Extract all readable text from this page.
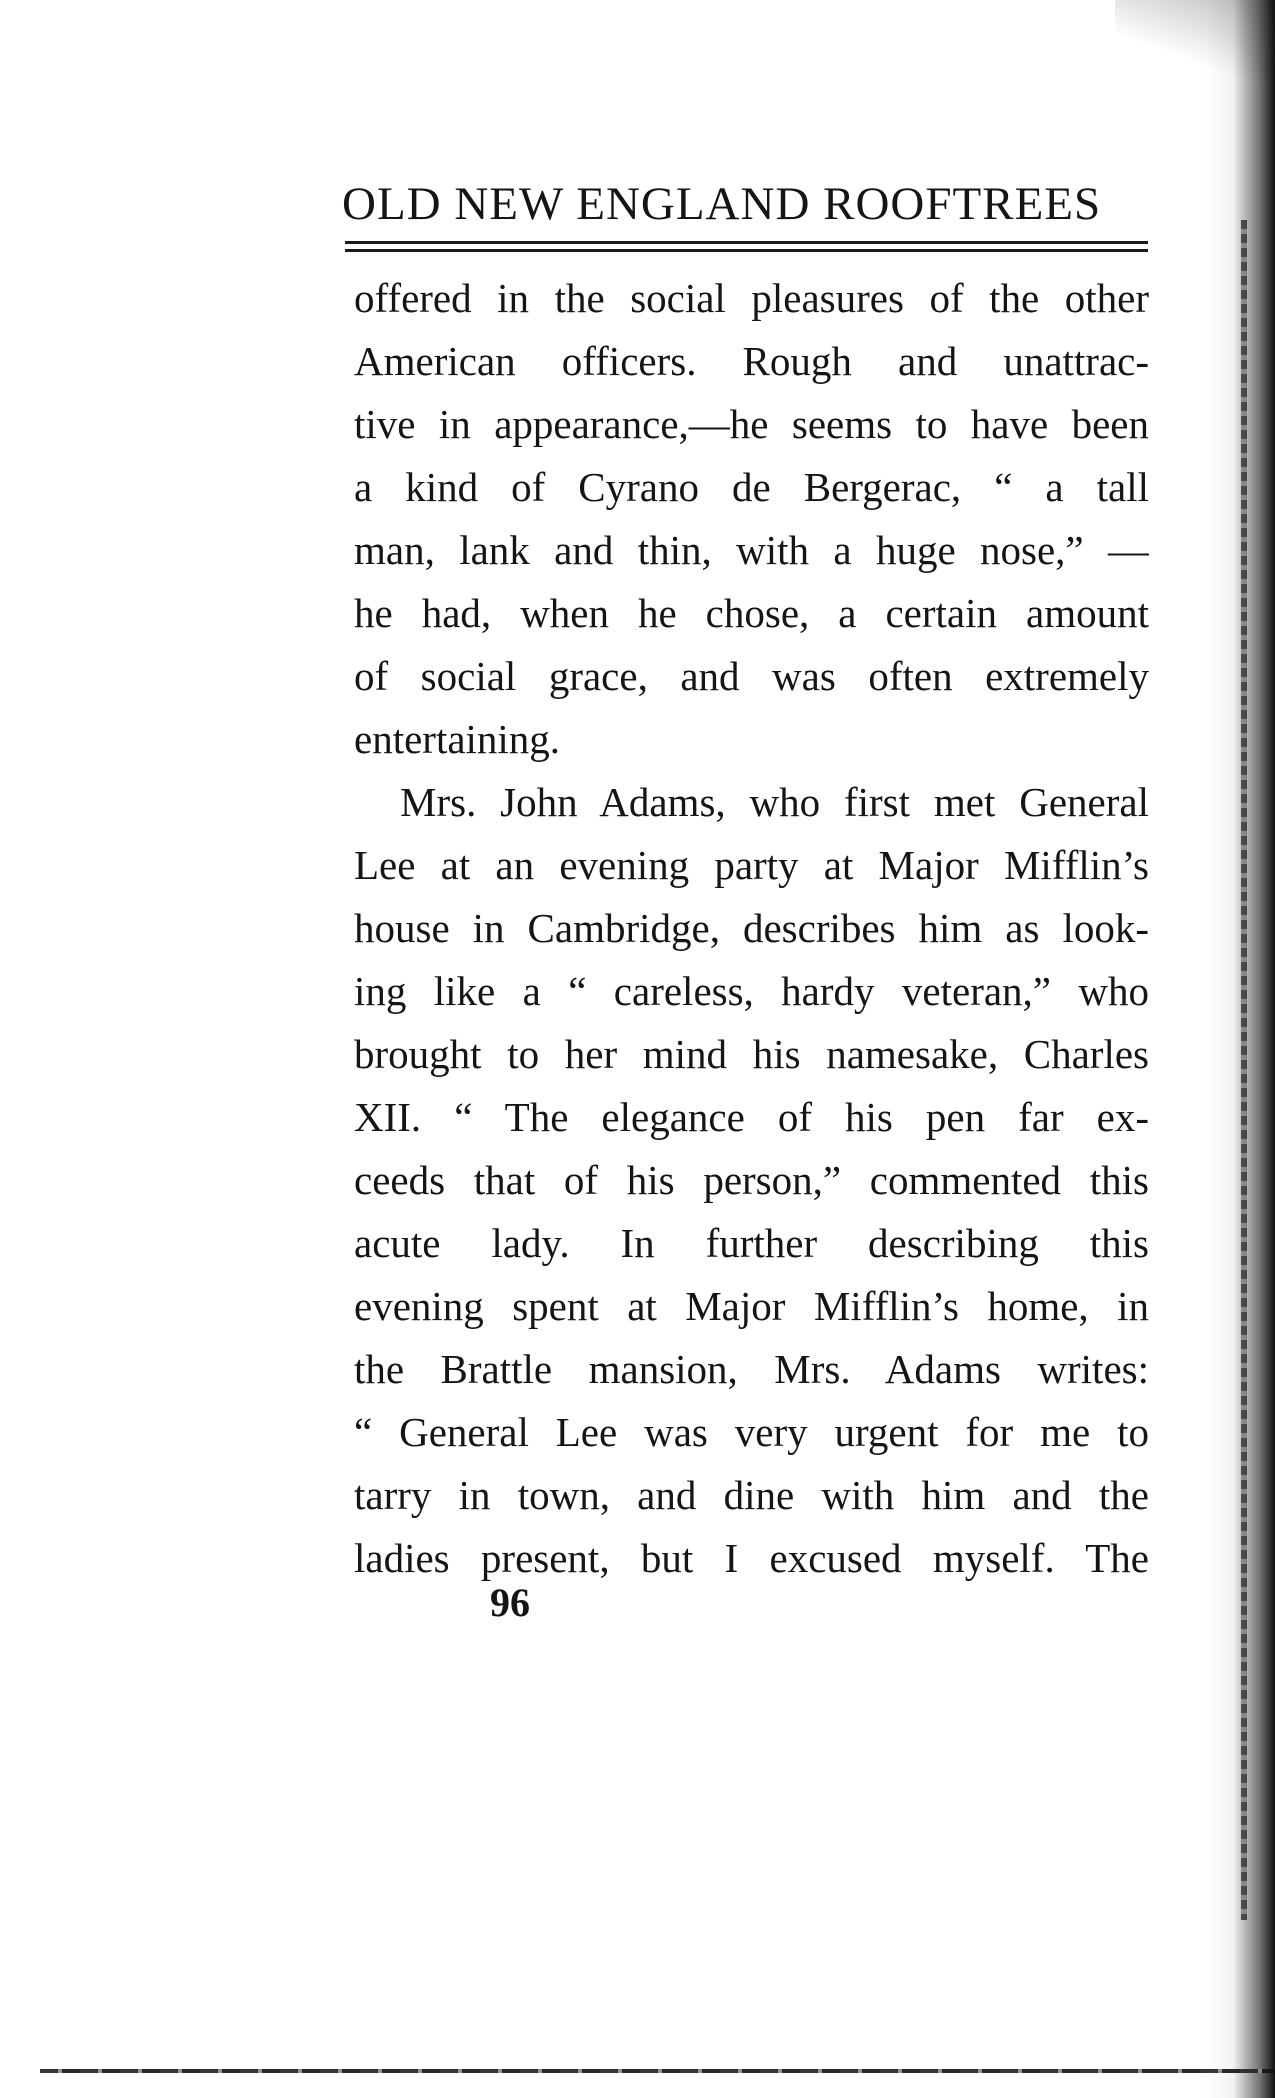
OLD NEW ENGLAND ROOFTREES
offered in the social pleasures of the other
American officers. Rough and unattrac-
tive in appearance,—he seems to have been
a kind of Cyrano de Bergerac, “ a tall
man, lank and thin, with a huge nose,” —
he had, when he chose, a certain amount
of social grace, and was often extremely
entertaining.
Mrs. John Adams, who first met General
Lee at an evening party at Major Mifflin’s
house in Cambridge, describes him as look-
ing like a “ careless, hardy veteran,” who
brought to her mind his namesake, Charles
XII. “ The elegance of his pen far ex-
ceeds that of his person,” commented this
acute lady. In further describing this
evening spent at Major Mifflin’s home, in
the Brattle mansion, Mrs. Adams writes:
“ General Lee was very urgent for me to
tarry in town, and dine with him and the
ladies present, but I excused myself. The
96
